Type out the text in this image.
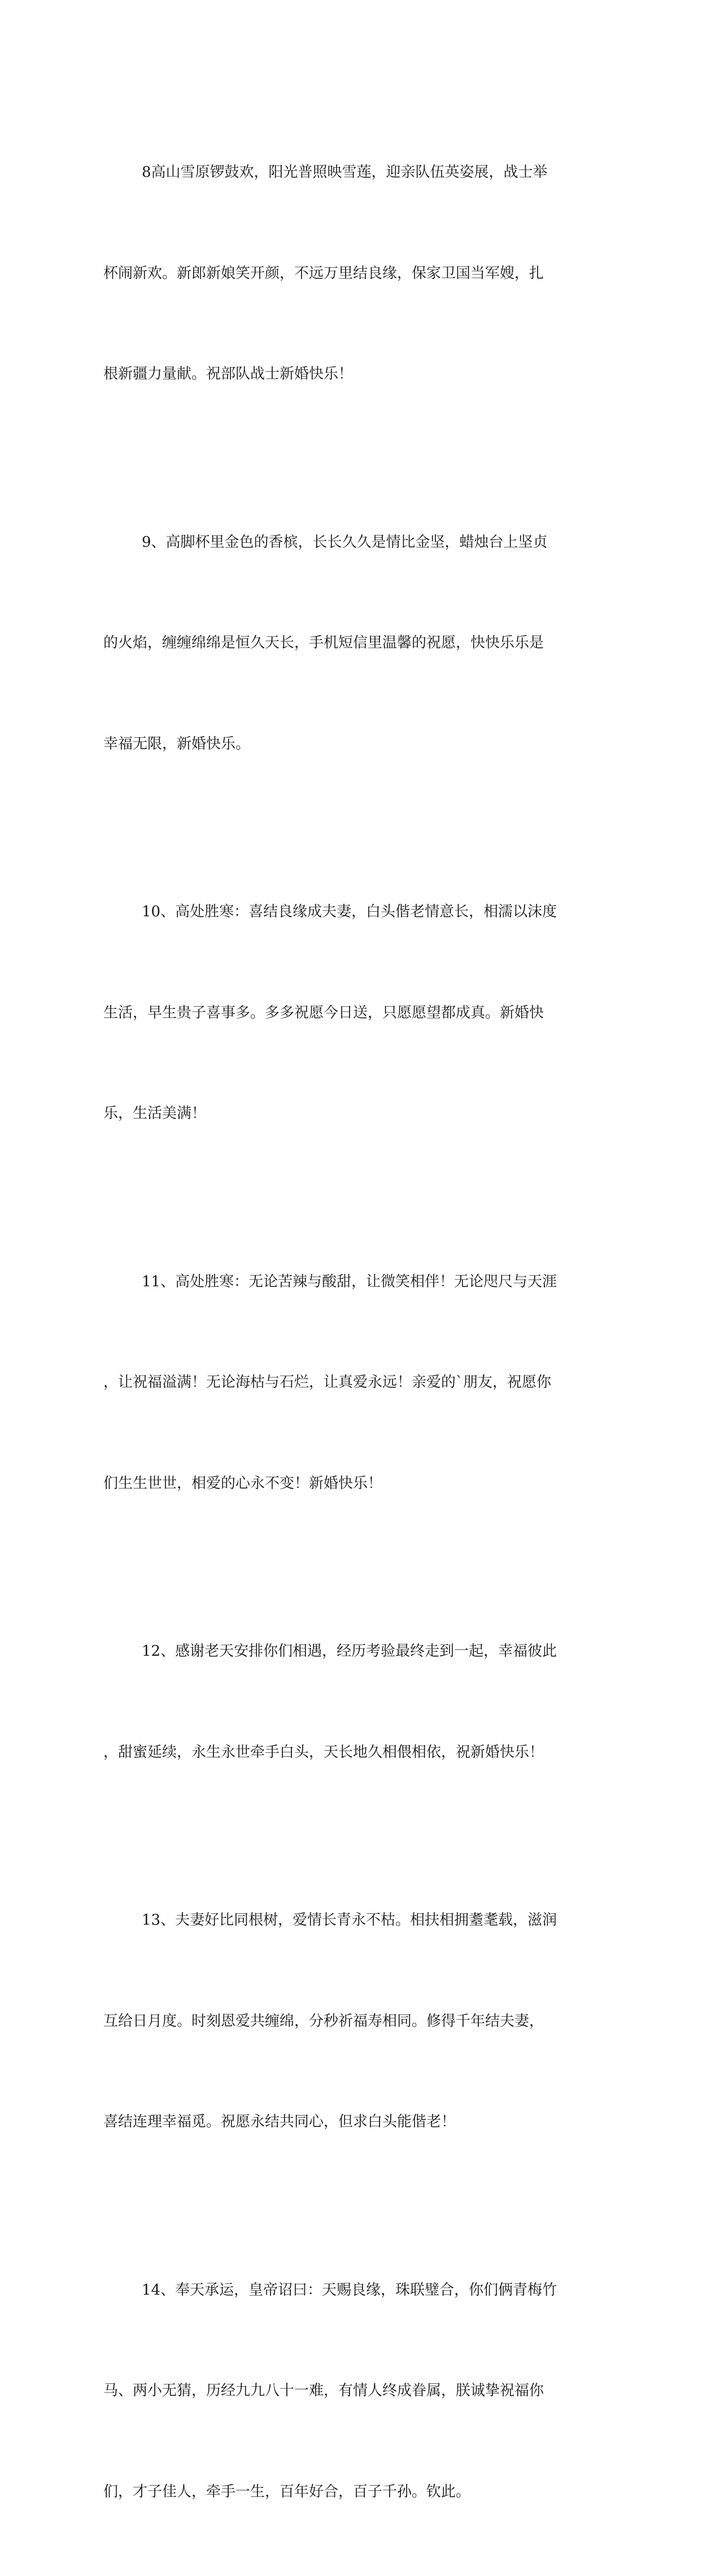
8高山雪原锣鼓欢，阳光普照映雪莲，迎亲队伍英姿展，战士举

杯闹新欢。新郎新娘笑开颜，不远万里结良缘，保家卫国当军嫂，扎

根新疆力量献。祝部队战士新婚快乐！

9、高脚杯里金色的香槟，长长久久是情比金坚，蜡烛台上坚贞

的火焰，缠缠绵绵是恒久天长，手机短信里温馨的祝愿，快快乐乐是

幸福无限，新婚快乐。

10、高处胜寒：喜结良缘成夫妻，白头偕老情意长，相濡以沫度

生活，早生贵子喜事多。多多祝愿今日送，只愿愿望都成真。新婚快

乐，生活美满！

11、高处胜寒：无论苦辣与酸甜，让微笑相伴！无论咫尺与天涯

，让祝福溢满！无论海枯与石烂，让真爱永远！亲爱的`朋友，祝愿你

们生生世世，相爱的心永不变！新婚快乐！

12、感谢老天安排你们相遇，经历考验最终走到一起，幸福彼此

，甜蜜延续，永生永世牵手白头，天长地久相偎相依，祝新婚快乐！

13、夫妻好比同根树，爱情长青永不枯。相扶相拥耋耄载，滋润

互给日月度。时刻恩爱共缠绵，分秒祈福寿相同。修得千年结夫妻，

喜结连理幸福觅。祝愿永结共同心，但求白头能偕老！

14、奉天承运，皇帝诏曰：天赐良缘，珠联璧合，你们俩青梅竹

马、两小无猜，历经九九八十一难，有情人终成眷属，朕诚挚祝福你

们，才子佳人，牵手一生，百年好合，百子千孙。钦此。
